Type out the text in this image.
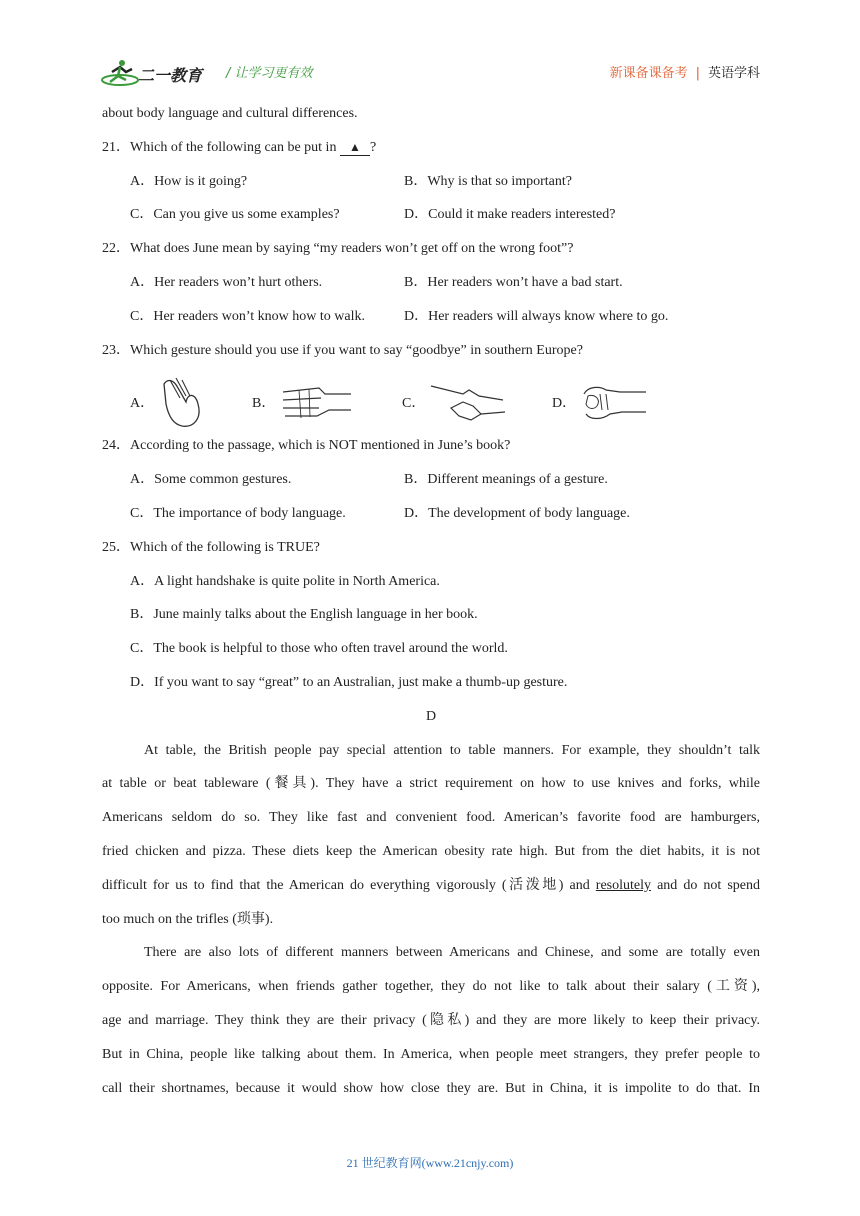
二一教育 / 让学习更有效	新课备课备考 | 英语学科
about body language and cultural differences.
21．Which of the following can be put in ▲ ?
A．How is it going?	B．Why is that so important?
C．Can you give us some examples?	D．Could it make readers interested?
22．What does June mean by saying “my readers won’t get off on the wrong foot”?
A．Her readers won’t hurt others.	B．Her readers won’t have a bad start.
C．Her readers won’t know how to walk.	D．Her readers will always know where to go.
23．Which gesture should you use if you want to say “goodbye” in southern Europe?
A．	B．	C．	D．
24．According to the passage, which is NOT mentioned in June’s book?
A．Some common gestures.	B．Different meanings of a gesture.
C．The importance of body language.	D．The development of body language.
25．Which of the following is TRUE?
A．A light handshake is quite polite in North America.
B．June mainly talks about the English language in her book.
C．The book is helpful to those who often travel around the world.
D．If you want to say “great” to an Australian, just make a thumb-up gesture.
D
At table, the British people pay special attention to table manners. For example, they shouldn’t talk
at table or beat tableware (餐具). They have a strict requirement on how to use knives and forks, while
Americans seldom do so. They like fast and convenient food. American’s favorite food are hamburgers,
fried chicken and pizza. These diets keep the American obesity rate high. But from the diet habits, it is not
difficult for us to find that the American do everything vigorously (活泼地) and resolutely and do not spend
too much on the trifles (琐事).
There are also lots of different manners between Americans and Chinese, and some are totally even
opposite. For Americans, when friends gather together, they do not like to talk about their salary (工资),
age and marriage. They think they are their privacy (隐私) and they are more likely to keep their privacy.
But in China, people like talking about them. In America, when people meet strangers, they prefer people to
call their shortnames, because it would show how close they are. But in China, it is impolite to do that. In
21 世纪教育网(www.21cnjy.com)
